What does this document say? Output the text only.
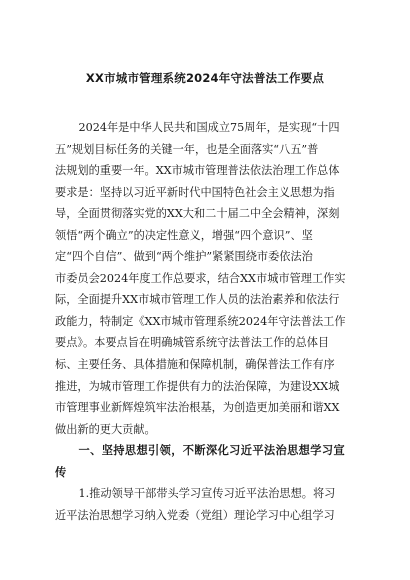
XX市城市管理系统2024年守法普法工作要点
2024年是中华人民共和国成立75周年，是实现“十四
五”规划目标任务的关键一年，也是全面落实“八五”普
法规划的重要一年。XX市城市管理普法依法治理工作总体
要求是：坚持以习近平新时代中国特色社会主义思想为指
导，全面贯彻落实党的XX大和二十届二中全会精神，深刻
领悟“两个确立”的决定性意义，增强“四个意识”、坚
定“四个自信”、做到“两个维护”紧紧围绕市委依法治
市委员会2024年度工作总要求，结合XX市城市管理工作实
际，全面提升XX市城市管理工作人员的法治素养和依法行
政能力，特制定《XX市城市管理系统2024年守法普法工作
要点》。本要点旨在明确城管系统守法普法工作的总体目
标、主要任务、具体措施和保障机制，确保普法工作有序
推进，为城市管理工作提供有力的法治保障，为建设XX城
市管理事业新辉煌筑牢法治根基，为创造更加美丽和谐XX
做出新的更大贡献。
一、坚持思想引领，不断深化习近平法治思想学习宣
传
1.推动领导干部带头学习宣传习近平法治思想。将习
近平法治思想学习纳入党委（党组）理论学习中心组学习
